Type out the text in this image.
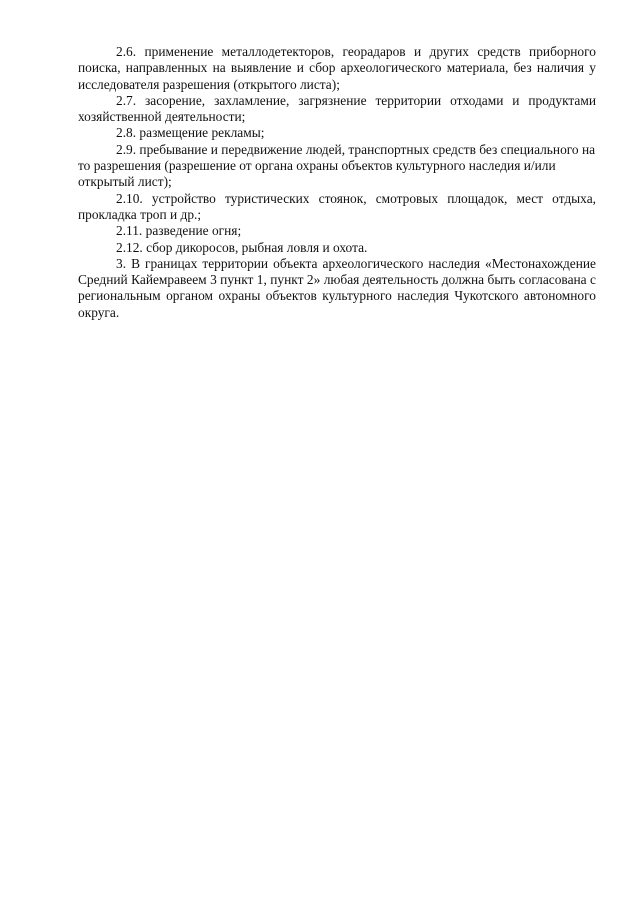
2.6. применение металлодетекторов, георадаров и других средств приборного поиска, направленных на выявление и сбор археологического материала, без наличия у исследователя разрешения (открытого листа);

2.7. засорение, захламление, загрязнение территории отходами и продуктами хозяйственной деятельности;

2.8. размещение рекламы;

2.9. пребывание и передвижение людей, транспортных средств без специального на то разрешения (разрешение от органа охраны объектов культурного наследия и/или открытый лист);

2.10. устройство туристических стоянок, смотровых площадок, мест отдыха, прокладка троп и др.;

2.11. разведение огня;

2.12. сбор дикоросов, рыбная ловля и охота.

3. В границах территории объекта археологического наследия «Местонахождение Средний Кайемравеем 3 пункт 1, пункт 2» любая деятельность должна быть согласована с региональным органом охраны объектов культурного наследия Чукотского автономного округа.
